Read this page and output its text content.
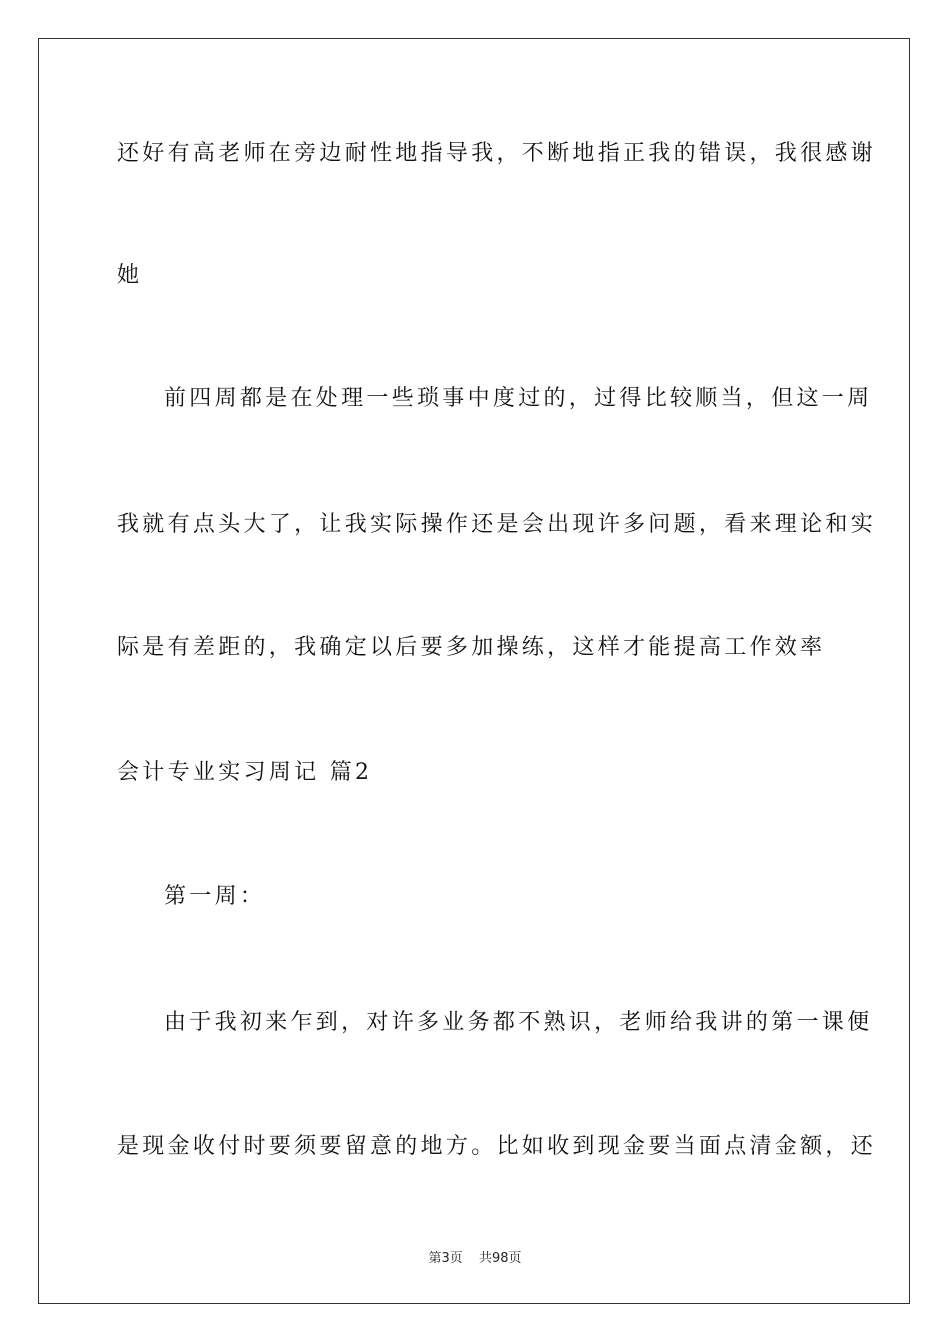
还好有高老师在旁边耐性地指导我，不断地指正我的错误，我很感谢
她
前四周都是在处理一些琐事中度过的，过得比较顺当，但这一周
我就有点头大了，让我实际操作还是会出现许多问题，看来理论和实
际是有差距的，我确定以后要多加操练，这样才能提高工作效率
会计专业实习周记 篇2
第一周：
由于我初来乍到，对许多业务都不熟识，老师给我讲的第一课便
是现金收付时要须要留意的地方。比如收到现金要当面点清金额，还
第3页 共98页
